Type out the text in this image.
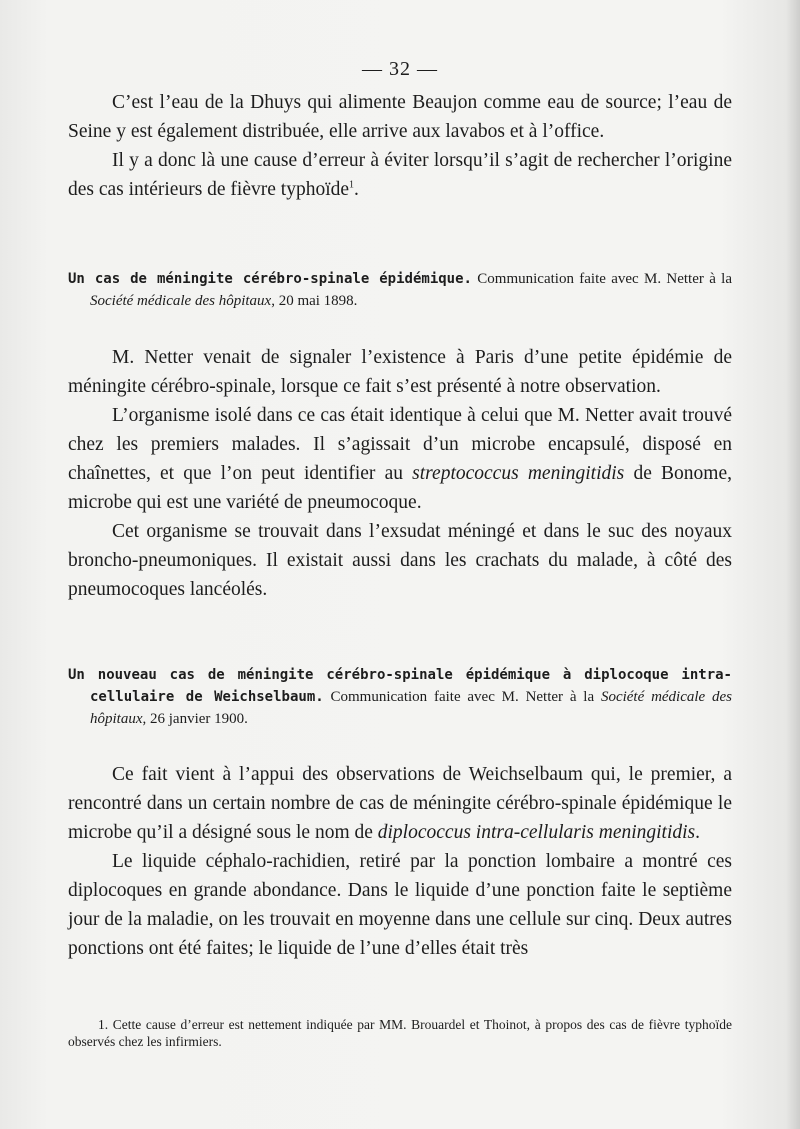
— 32 —

C’est l’eau de la Dhuys qui alimente Beaujon comme eau de source; l’eau de Seine y est également distribuée, elle arrive aux lavabos et à l’office.

Il y a donc là une cause d’erreur à éviter lorsqu’il s’agit de rechercher l’origine des cas intérieurs de fièvre typhoïde$^1$.

Un cas de méningite cérébro-spinale épidémique. Communication faite avec M. Netter à la Société médicale des hôpitaux, 20 mai 1898.

M. Netter venait de signaler l’existence à Paris d’une petite épidémie de méningite cérébro-spinale, lorsque ce fait s’est présenté à notre observation.

L’organisme isolé dans ce cas était identique à celui que M. Netter avait trouvé chez les premiers malades. Il s’agissait d’un microbe encapsulé, disposé en chaînettes, et que l’on peut identifier au streptococcus meningitidis de Bonome, microbe qui est une variété de pneumocoque.

Cet organisme se trouvait dans l’exsudat méningé et dans le suc des noyaux broncho-pneumoniques. Il existait aussi dans les crachats du malade, à côté des pneumocoques lancéolés.

Un nouveau cas de méningite cérébro-spinale épidémique à diplocoque intra-cellulaire de Weichselbaum. Communication faite avec M. Netter à la Société médicale des hôpitaux, 26 janvier 1900.

Ce fait vient à l’appui des observations de Weichselbaum qui, le premier, a rencontré dans un certain nombre de cas de méningite cérébro-spinale épidémique le microbe qu’il a désigné sous le nom de diplococcus intra-cellularis meningitidis.

Le liquide céphalo-rachidien, retiré par la ponction lombaire a montré ces diplocoques en grande abondance. Dans le liquide d’une ponction faite le septième jour de la maladie, on les trouvait en moyenne dans une cellule sur cinq. Deux autres ponctions ont été faites; le liquide de l’une d’elles était très

1. Cette cause d’erreur est nettement indiquée par MM. Brouardel et Thoinot, à propos des cas de fièvre typhoïde observés chez les infirmiers.
